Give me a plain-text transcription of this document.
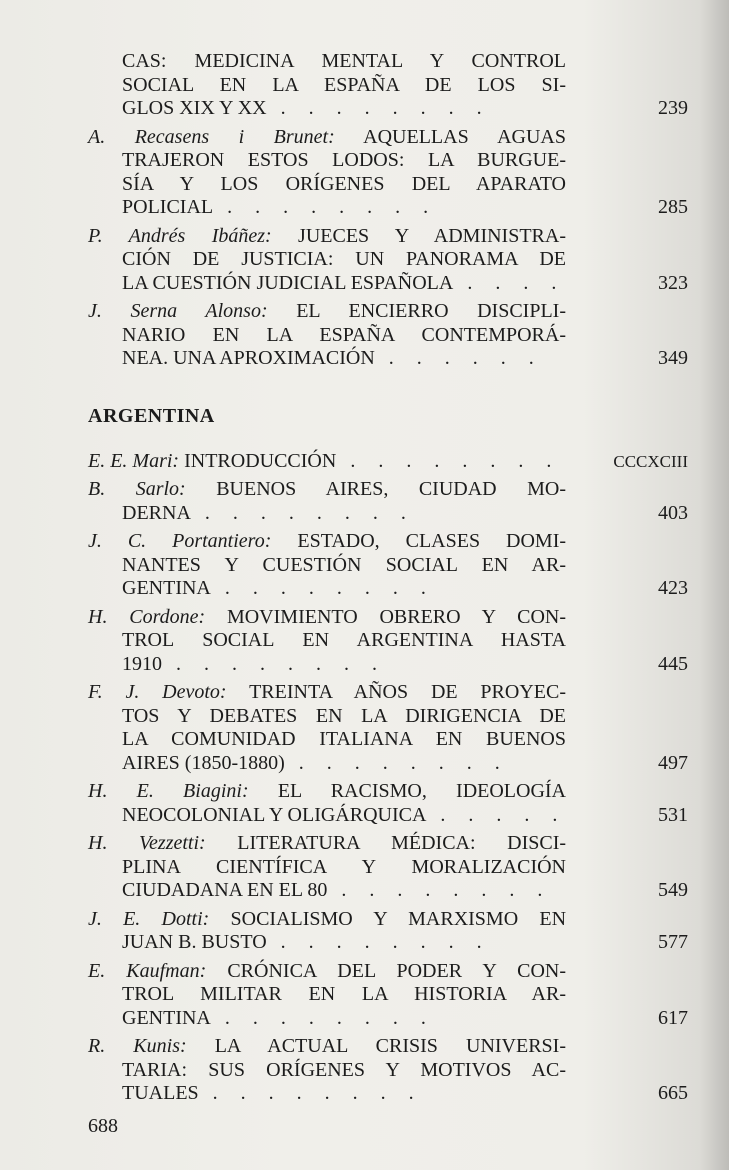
CAS: MEDICINA MENTAL Y CONTROL
SOCIAL EN LA ESPAÑA DE LOS SI-
GLOS XIX Y XX . . . . . . . .	239
A. Recasens i Brunet: AQUELLAS AGUAS
TRAJERON ESTOS LODOS: LA BURGUE-
SÍA Y LOS ORÍGENES DEL APARATO
POLICIAL . . . . . . . .	285
P. Andrés Ibáñez: JUECES Y ADMINISTRA-
CIÓN DE JUSTICIA: UN PANORAMA DE
LA CUESTIÓN JUDICIAL ESPAÑOLA . . . .	323
J. Serna Alonso: EL ENCIERRO DISCIPLI-
NARIO EN LA ESPAÑA CONTEMPORÁ-
NEA. UNA APROXIMACIÓN . . . . . .	349
ARGENTINA
E. E. Mari: INTRODUCCIÓN . . . . . . . .	CCCXCIII
B. Sarlo: BUENOS AIRES, CIUDAD MO-
DERNA . . . . . . . .	403
J. C. Portantiero: ESTADO, CLASES DOMI-
NANTES Y CUESTIÓN SOCIAL EN AR-
GENTINA . . . . . . . .	423
H. Cordone: MOVIMIENTO OBRERO Y CON-
TROL SOCIAL EN ARGENTINA HASTA
1910 . . . . . . . .	445
F. J. Devoto: TREINTA AÑOS DE PROYEC-
TOS Y DEBATES EN LA DIRIGENCIA DE
LA COMUNIDAD ITALIANA EN BUENOS
AIRES (1850-1880) . . . . . . . .	497
H. E. Biagini: EL RACISMO, IDEOLOGÍA
NEOCOLONIAL Y OLIGÁRQUICA . . . . .	531
H. Vezzetti: LITERATURA MÉDICA: DISCI-
PLINA CIENTÍFICA Y MORALIZACIÓN
CIUDADANA EN EL 80 . . . . . . . .	549
J. E. Dotti: SOCIALISMO Y MARXISMO EN
JUAN B. BUSTO . . . . . . . .	577
E. Kaufman: CRÓNICA DEL PODER Y CON-
TROL MILITAR EN LA HISTORIA AR-
GENTINA . . . . . . . .	617
R. Kunis: LA ACTUAL CRISIS UNIVERSI-
TARIA: SUS ORÍGENES Y MOTIVOS AC-
TUALES . . . . . . . .	665
688
